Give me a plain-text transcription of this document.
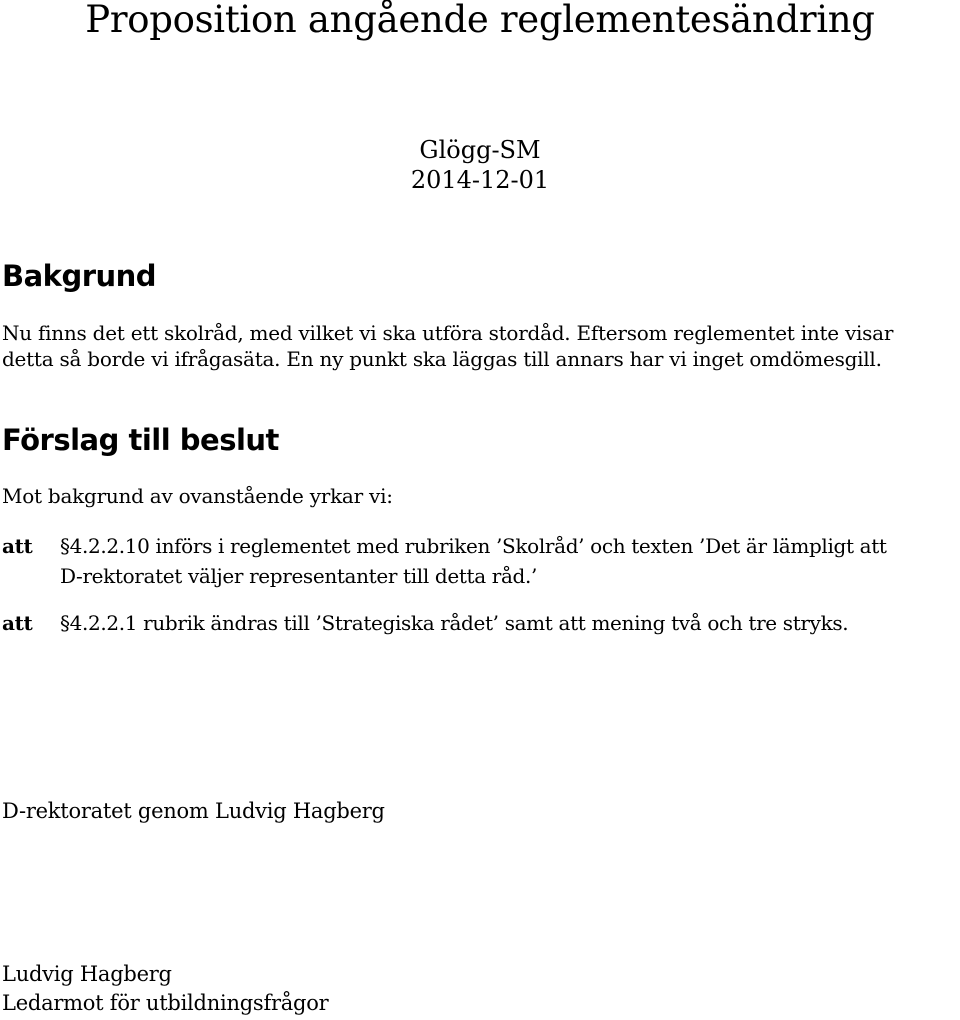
Proposition angående reglementesändring
Glögg-SM
2014-12-01
Bakgrund
Nu finns det ett skolråd, med vilket vi ska utföra stordåd. Eftersom reglementet inte visar
detta så borde vi ifrågasäta. En ny punkt ska läggas till annars har vi inget omdömesgill.
Förslag till beslut
Mot bakgrund av ovanstående yrkar vi:
att §4.2.2.10 införs i reglementet med rubriken ’Skolråd’ och texten ’Det är lämpligt att
D-rektoratet väljer representanter till detta råd.’
att §4.2.2.1 rubrik ändras till ’Strategiska rådet’ samt att mening två och tre stryks.
D-rektoratet genom Ludvig Hagberg
Ludvig Hagberg
Ledarmot för utbildningsfrågor
